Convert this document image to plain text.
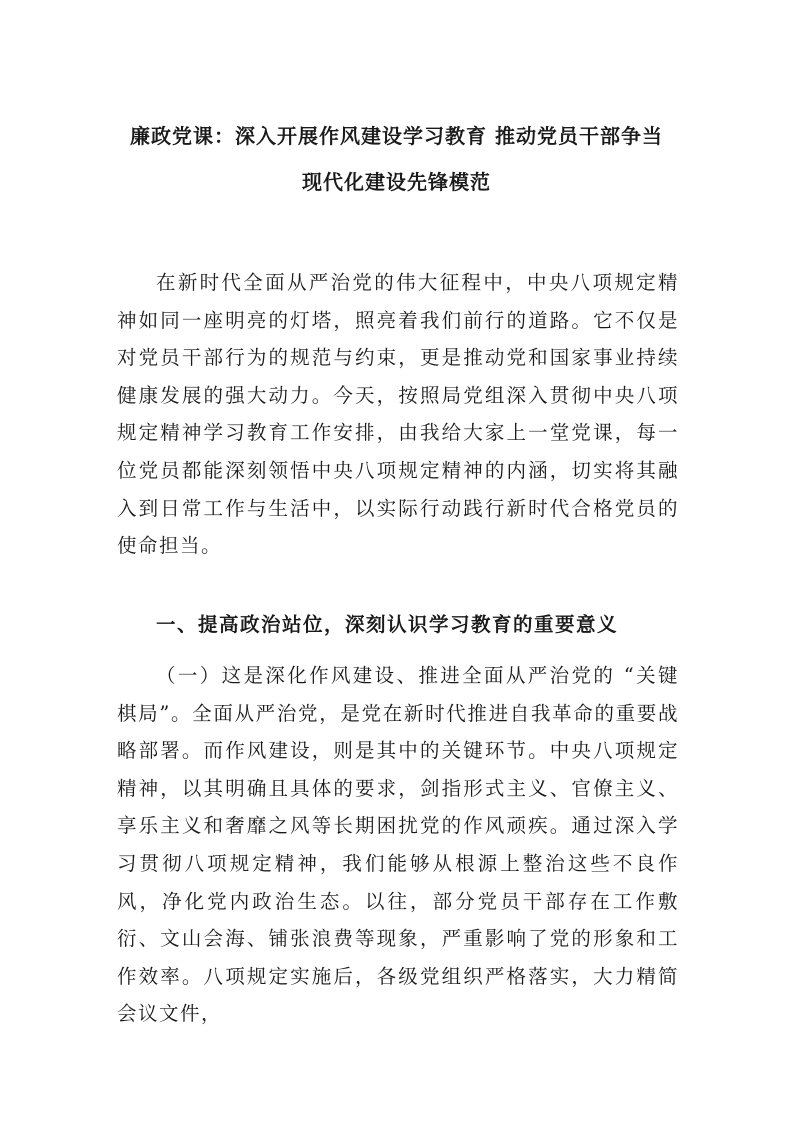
廉政党课：深入开展作风建设学习教育 推动党员干部争当
现代化建设先锋模范

在新时代全面从严治党的伟大征程中，中央八项规定精神如同一座明亮的灯塔，照亮着我们前行的道路。它不仅是对党员干部行为的规范与约束，更是推动党和国家事业持续健康发展的强大动力。今天，按照局党组深入贯彻中央八项规定精神学习教育工作安排，由我给大家上一堂党课，每一位党员都能深刻领悟中央八项规定精神的内涵，切实将其融入到日常工作与生活中，以实际行动践行新时代合格党员的使命担当。

一、提高政治站位，深刻认识学习教育的重要意义

（一）这是深化作风建设、推进全面从严治党的 “关键棋局”。全面从严治党，是党在新时代推进自我革命的重要战略部署。而作风建设，则是其中的关键环节。中央八项规定精神，以其明确且具体的要求，剑指形式主义、官僚主义、享乐主义和奢靡之风等长期困扰党的作风顽疾。通过深入学习贯彻八项规定精神，我们能够从根源上整治这些不良作风，净化党内政治生态。以往，部分党员干部存在工作敷衍、文山会海、铺张浪费等现象，严重影响了党的形象和工作效率。八项规定实施后，各级党组织严格落实，大力精简会议文件，
